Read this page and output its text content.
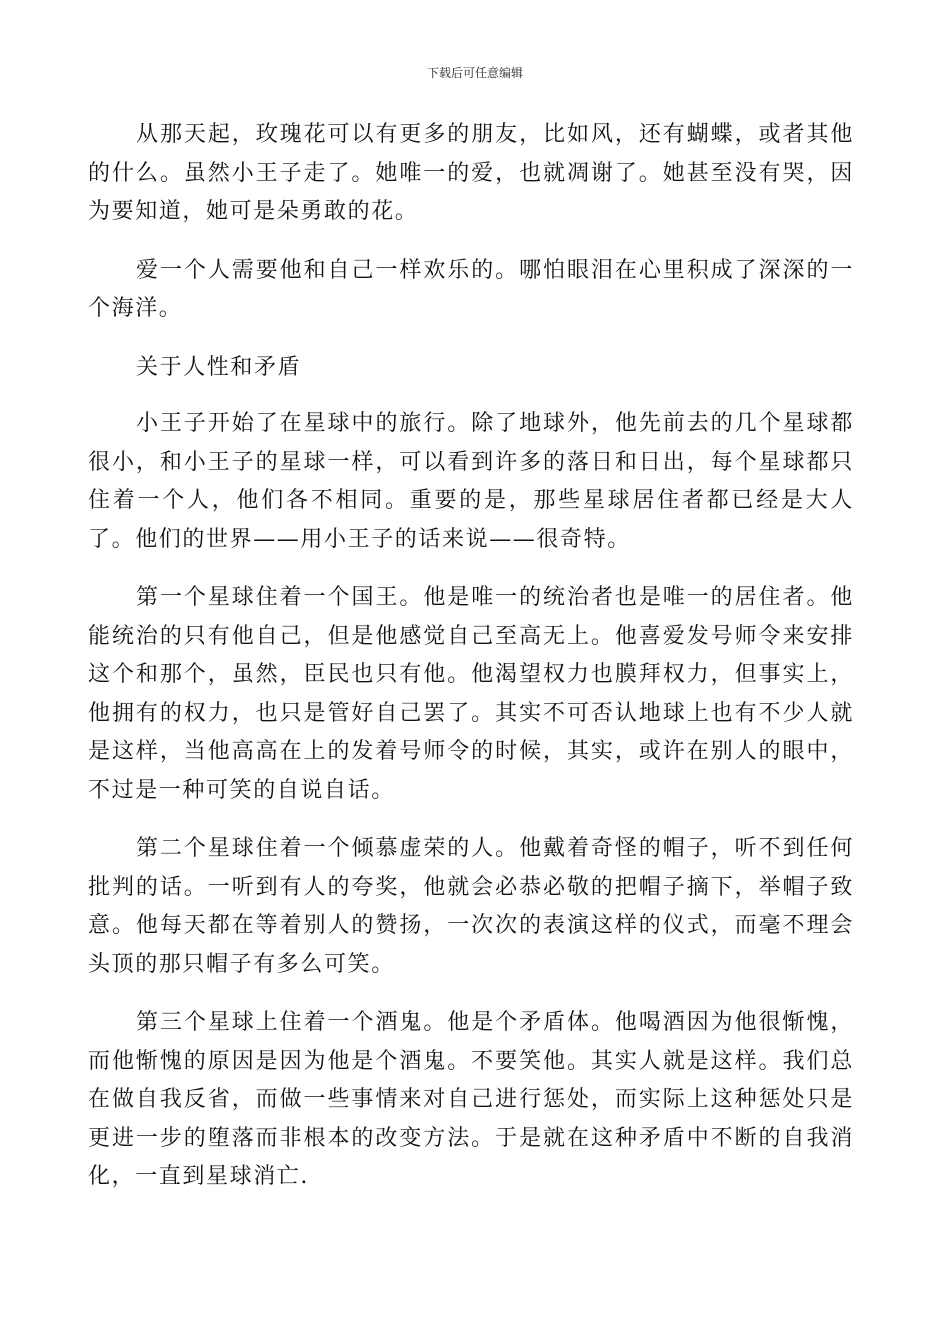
下载后可任意编辑

从那天起，玫瑰花可以有更多的朋友，比如风，还有蝴蝶，或者其他的什么。虽然小王子走了。她唯一的爱，也就凋谢了。她甚至没有哭，因为要知道，她可是朵勇敢的花。

爱一个人需要他和自己一样欢乐的。哪怕眼泪在心里积成了深深的一个海洋。

关于人性和矛盾

小王子开始了在星球中的旅行。除了地球外，他先前去的几个星球都很小，和小王子的星球一样，可以看到许多的落日和日出，每个星球都只住着一个人，他们各不相同。重要的是，那些星球居住者都已经是大人了。他们的世界——用小王子的话来说——很奇特。

第一个星球住着一个国王。他是唯一的统治者也是唯一的居住者。他能统治的只有他自己，但是他感觉自己至高无上。他喜爱发号师令来安排这个和那个，虽然，臣民也只有他。他渴望权力也膜拜权力，但事实上，他拥有的权力，也只是管好自己罢了。其实不可否认地球上也有不少人就是这样，当他高高在上的发着号师令的时候，其实，或许在别人的眼中，不过是一种可笑的自说自话。

第二个星球住着一个倾慕虚荣的人。他戴着奇怪的帽子，听不到任何批判的话。一听到有人的夸奖，他就会必恭必敬的把帽子摘下，举帽子致意。他每天都在等着别人的赞扬，一次次的表演这样的仪式，而毫不理会头顶的那只帽子有多么可笑。

第三个星球上住着一个酒鬼。他是个矛盾体。他喝酒因为他很惭愧，而他惭愧的原因是因为他是个酒鬼。不要笑他。其实人就是这样。我们总在做自我反省，而做一些事情来对自己进行惩处，而实际上这种惩处只是更进一步的堕落而非根本的改变方法。于是就在这种矛盾中不断的自我消化，一直到星球消亡.
